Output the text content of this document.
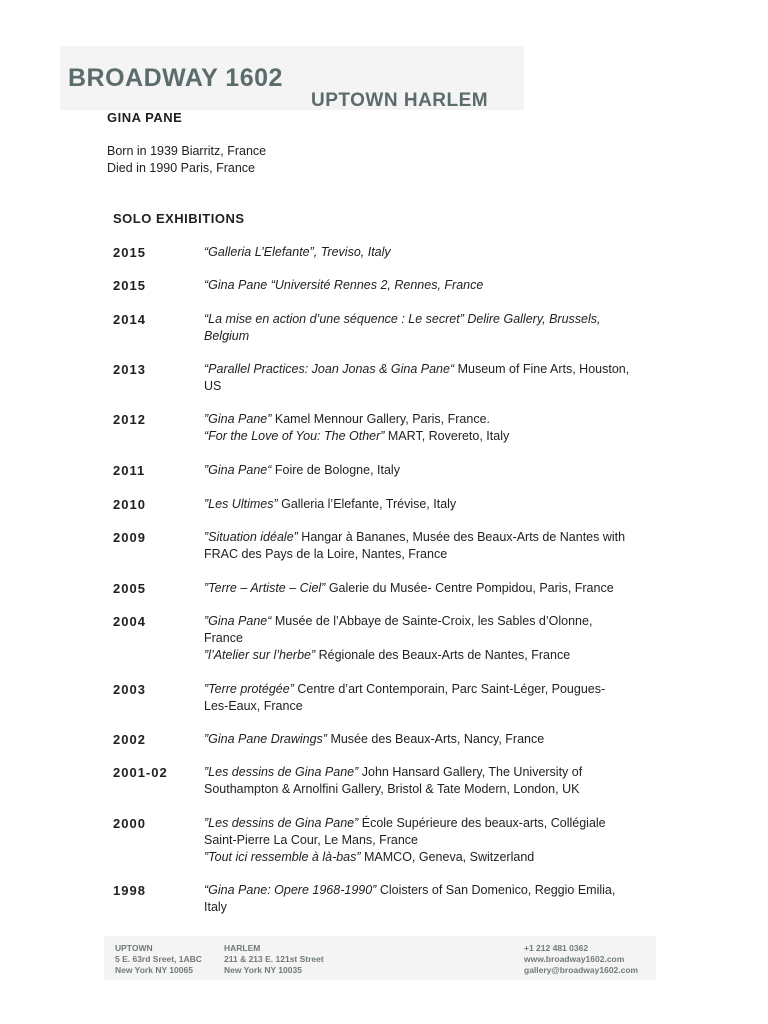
BROADWAY 1602
UPTOWN HARLEM
GINA PANE
Born in 1939 Biarritz, France
Died in 1990 Paris, France
SOLO EXHIBITIONS
2015	“Galleria L’Elefante”, Treviso, Italy
2015	“Gina Pane “Université Rennes 2, Rennes, France
2014	“La mise en action d’une séquence : Le secret” Delire Gallery, Brussels,
Belgium
2013	“Parallel Practices: Joan Jonas & Gina Pane“ Museum of Fine Arts, Houston,
US
2012	”Gina Pane” Kamel Mennour Gallery, Paris, France.
“For the Love of You: The Other” MART, Rovereto, Italy
2011	”Gina Pane“ Foire de Bologne, Italy
2010	”Les Ultimes” Galleria l’Elefante, Trévise, Italy
2009	”Situation idéale” Hangar à Bananes, Musée des Beaux-Arts de Nantes with
FRAC des Pays de la Loire, Nantes, France
2005	”Terre – Artiste – Ciel” Galerie du Musée- Centre Pompidou, Paris, France
2004	”Gina Pane“ Musée de l’Abbaye de Sainte-Croix, les Sables d’Olonne,
France
”l’Atelier sur l’herbe” Régionale des Beaux-Arts de Nantes, France
2003	”Terre protégée” Centre d’art Contemporain, Parc Saint-Léger, Pougues-
Les-Eaux, France
2002	”Gina Pane Drawings” Musée des Beaux-Arts, Nancy, France
2001-02	”Les dessins de Gina Pane” John Hansard Gallery, The University of
Southampton & Arnolfini Gallery, Bristol & Tate Modern, London, UK
2000	”Les dessins de Gina Pane” École Supérieure des beaux-arts, Collégiale
Saint-Pierre La Cour, Le Mans, France
”Tout ici ressemble à là-bas” MAMCO, Geneva, Switzerland
1998	“Gina Pane: Opere 1968-1990” Cloisters of San Domenico, Reggio Emilia,
Italy
UPTOWN
5 E. 63rd Sreet, 1ABC
New York NY 10065
HARLEM
211 & 213 E. 121st Street
New York NY 10035
+1 212 481 0362
www.broadway1602.com
gallery@broadway1602.com
